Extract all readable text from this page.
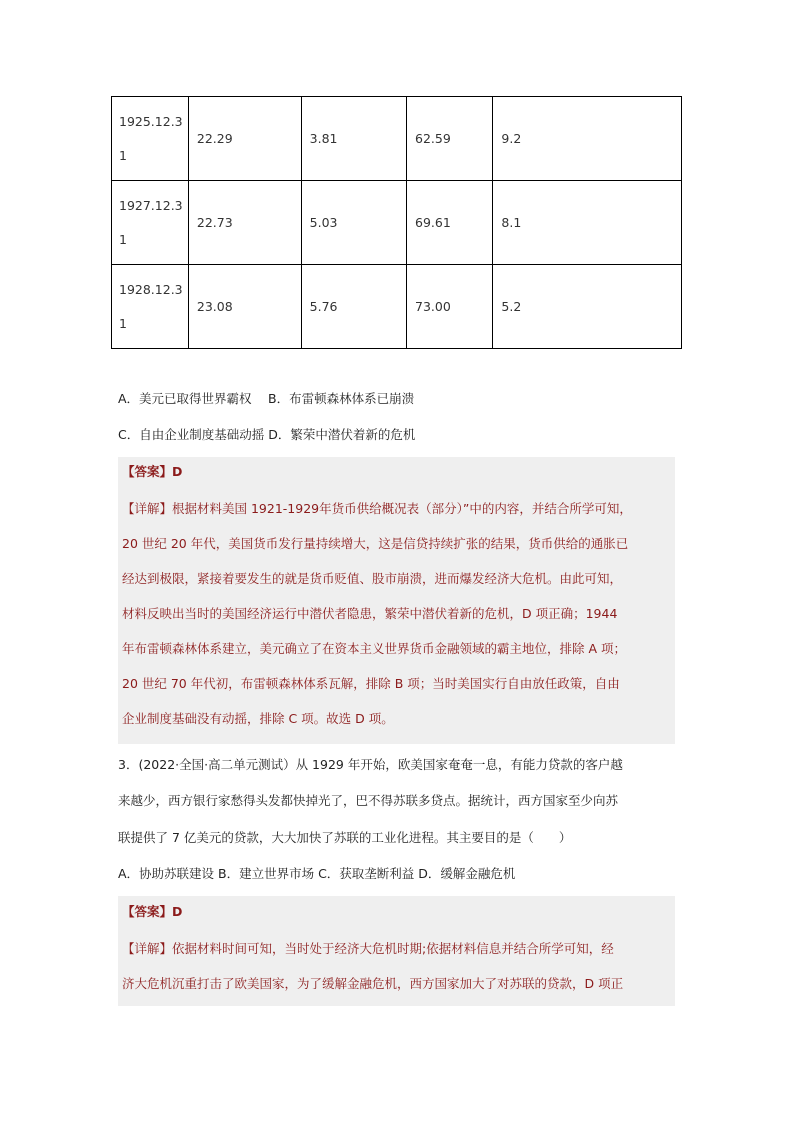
1925.12.3
1	22.29	3.81	62.59	9.2
1927.12.3
1	22.73	5.03	69.61	8.1
1928.12.3
1	23.08	5.76	73.00	5.2
A．美元已取得世界霸权　 B．布雷顿森林体系已崩溃
C．自由企业制度基础动摇 D．繁荣中潜伏着新的危机
【答案】D
【详解】根据材料美国 1921-1929年货币供给概况表（部分）”中的内容，并结合所学可知，
20 世纪 20 年代，美国货币发行量持续增大，这是信贷持续扩张的结果，货币供给的通胀已
经达到极限，紧接着要发生的就是货币贬值、股市崩溃，进而爆发经济大危机。由此可知，
材料反映出当时的美国经济运行中潜伏者隐患，繁荣中潜伏着新的危机，D 项正确；1944
年布雷顿森林体系建立，美元确立了在资本主义世界货币金融领域的霸主地位，排除 A 项；
20 世纪 70 年代初，布雷顿森林体系瓦解，排除 B 项；当时美国实行自由放任政策，自由
企业制度基础没有动摇，排除 C 项。故选 D 项。
3．(2022·全国·高二单元测试）从 1929 年开始，欧美国家奄奄一息，有能力贷款的客户越
来越少，西方银行家愁得头发都快掉光了，巴不得苏联多贷点。据统计，西方国家至少向苏
联提供了 7 亿美元的贷款，大大加快了苏联的工业化进程。其主要目的是（　　）
A．协助苏联建设 B．建立世界市场 C．获取垄断利益 D．缓解金融危机
【答案】D
【详解】依据材料时间可知，当时处于经济大危机时期;依据材料信息并结合所学可知，经
济大危机沉重打击了欧美国家，为了缓解金融危机，西方国家加大了对苏联的贷款，D 项正
